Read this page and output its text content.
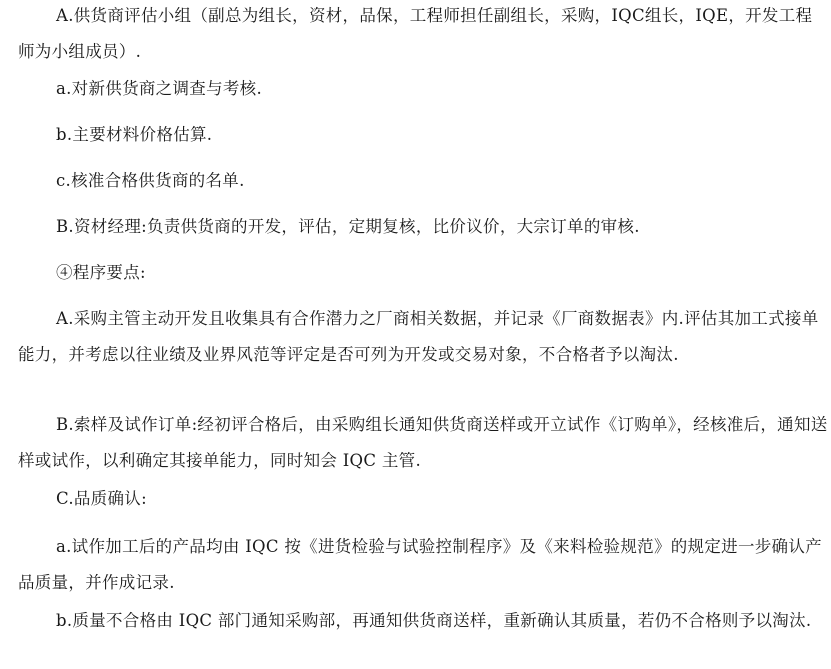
A.供货商评估小组（副总为组长，资材，品保，工程师担任副组长，采购，IQC组长，IQE，开发工程师为小组成员）.

a.对新供货商之调查与考核.

b.主要材料价格估算.

c.核准合格供货商的名单.

B.资材经理:负责供货商的开发，评估，定期复核，比价议价，大宗订单的审核.

④程序要点:

A.采购主管主动开发且收集具有合作潜力之厂商相关数据，并记录《厂商数据表》内.评估其加工式接单能力，并考虑以往业绩及业界风范等评定是否可列为开发或交易对象，不合格者予以淘汰.

B.索样及试作订单:经初评合格后，由采购组长通知供货商送样或开立试作《订购单》，经核准后，通知送样或试作，以利确定其接单能力，同时知会 IQC 主管.

C.品质确认:

a.试作加工后的产品均由 IQC 按《进货检验与试验控制程序》及《来料检验规范》的规定进一步确认产品质量，并作成记录.

b.质量不合格由 IQC 部门通知采购部，再通知供货商送样，重新确认其质量，若仍不合格则予以淘汰.
